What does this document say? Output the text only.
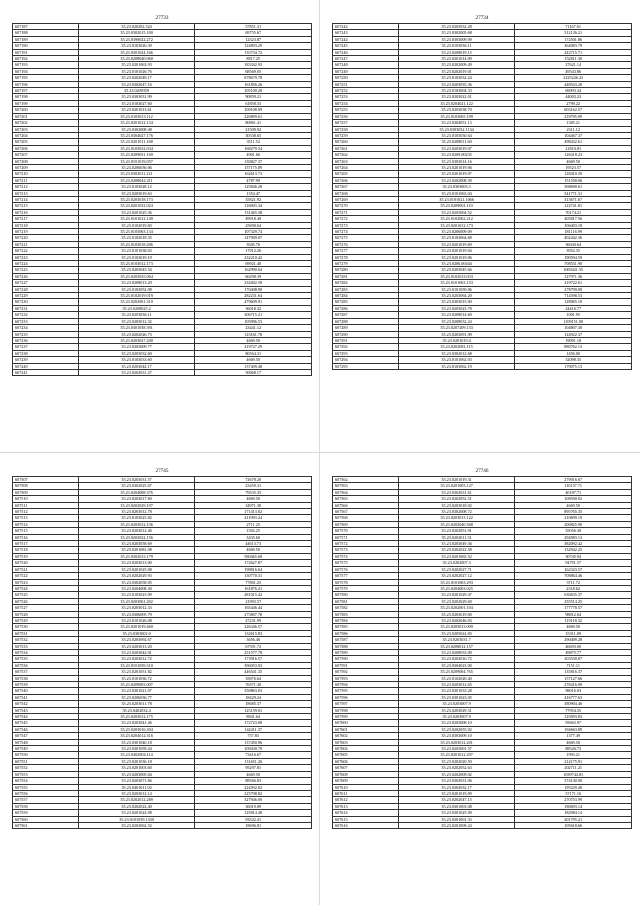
27733
607187	35.23.020202.324	57851.31
607188	35.23.0302015.100	69755.67
607189	35.23.0390022.272	12323.87
607190	35.23.0103026.39	124893.29
607191	35.23.0301024.166	135734.72
607192	35.23.0208040.060	8817.25
607193	35.23.0201063.93	183342.93
607194	35.23.0101026.76	68569.05
607195	35.23.0202049.17	678679.78
607196	35.23.0302047.16	161856.26
607197	35.23.0209359	105100.28
607198	35.23.0303031.99	90859.21
607199	35.23.0103027.60	61858.33
607200	35.23.0201013.61	109108.09
607201	35.23.0103013.112	226899.61
607202	35.23.0201012.134	80861.41
607203	35.23.0302008.48	21509.92
607204	35.23.0304027.176	30538.65
607205	35.23.0201011.168	3511.52
607206	35.23.0103032.034	168279.54
607207	35.23.0209031.160	4901.66
607208	35.23.0101019.057	130827.37
607209	35.23.0206036.06	157175.09
607210	35.23.0302011.221	162613.73
607211	35.23.0208042.211	4787.99
607212	35.23.0103028.12	125846.28
607213	35.23.0203019.63	1354.47
607214	35.23.0203018.173	35821.92
607215	35.23.0201032.024	116803.34
607216	35.23.0201025.36	131465.38
607217	35.23.0101012.149	49918.49
607218	35.23.0102019.83	25690.64
607219	35.23.0103063.134	107329.74
607220	35.23.0102018.35	147909.07
607221	35.23.0103018.206	3045.76
607222	35.23.0101038.03	17912.26
607223	35.23.0103019.19	232210.42
607224	35.23.0103012.173	69921.40
607225	35.23.0203043.54	162990.64
607226	35.23.0203035.064	66298.39
607227	35.23.0208013.29	234402.58
607228	35.23.0103052.08	170408.90
607229	35.23.0102019.019	282231.64
607230	35.23.0202061.310	479609.91
607231	35.23.0208025.2	36018.32
607232	35.23.0203036.11	306715.21
607233	35.23.0203012.32	105996.53
607234	35.23.0301038.391	23441.12
607235	35.23.0202026.73	123161.78
607236	35.23.0203027.200	4669.50
607237	35.23.0303009.77	219727.29
607238	35.23.0203032.60	80564.31
607239	35.23.0103033.60	4669.50
607240	35.23.0203044.17	137409.48
607241	35.23.0202031.27	50668.17
27734
607242	35.23.0205032.28	71167.61
607243	35.23.0302005.68	512126.21
607244	35.23.0303009.09	172501.86
607245	35.23.0103036.11	364083.79
607246	35.23.0208019.15	242715.71
607247	35.23.0201014.09	152811.30
607248	35.23.0202009.49	27621.14
607249	35.23.0202019.01	49543.86
607250	35.23.0103032.24	2225226.22
607251	35.23.0203035.36	448543.20
607252	35.23.0103004.33	69093.34
607253	35.23.0203022.01	44003.23
607254	35.23.0204021.122	2799.22
607255	35.23.0203038.70	603162.57
607256	35.23.0103065.199	218795.09
607257	35.23.0304051.13	1385.21
607258	35.23.0303032.1134	2311.12
607259	35.23.0105030.64	104467.37
607260	35.23.0208011.60	498432.61
607261	35.23.0203019.07	21810.81
607262	35.23.0209.00235	126418.23
607263	35.23.0303014.16	4669.50
607264	35.23.0201019.06	19523.57
607265	35.23.0201019.07	128410.39
607266	35.23.0202008.39	151558.06
607267	35.23.0303003.3	368690.61
607268	35.23.0101063.04	541771.31
607269	35.23.0101021.1066	313671.67
607270	35.23.0209001.110	122741.81
607271	35.23.0203004.52	70174.21
607272	35.23.0102062.212	405817.56
607273	35.23.0201012.173	106403.18
607274	35.23.0206009.09	181116.99
607275	35.23.0103064.68	402442.36
607276	35.23.0201019.69	36040.64
607277	35.23.0201019.04	3952.35
607278	35.23.0201019.06	190594.59
607279	35.23.0206.00444	708531.90
607280	35.23.0203045.66	1069421.55
607281	35.23.0102013.033	127971.36
607282	35.23.0101063.153	219722.61
607283	35.23.0101059.06	278799.09
607284	35.23.0203064.20	714598.53
607285	35.23.0303015.00	128065.10
607286	35.23.0203023.78	24416.77
607287	35.23.0208014.60	1001.95
607288	35.23.0208032.24	1109151.00
607289	35.23.0207209.133	104807.30
607290	35.23.0203091.09	124922.37
607291	35.23.0201019.4	19091.18
607292	35.23.0202081.115	880762.13
607293	35.23.0302012.68	1456.00
607294	35.23.0101062.03	32098.35
607295	35.23.0103062.19	179075.13
27745
607507	35.23.0203031.57	72678.20
607508	35.23.0302025.67	23459.31
607509	35.23.0204008.376	79535.35
607510	35.23.0203017.69	4669.50
607511	35.23.0202029.197	34971.30
607512	35.23.0203012.78	171413.02
607513	35.23.0103025.82	411993.24
607514	35.23.0203012.136	2711.25
607515	35.23.0203012.46	1502.25
607516	35.23.0203022.156	3435.60
607517	35.23.0203058.69	44613.73
607518	35.23.0201081.08	4669.50
607519	35.23.0302013.179	580465.68
607520	35.23.0203013.00	172627.87
607521	35.23.0201025.08	198816.64
607522	35.23.0202029.93	130770.31
607523	35.23.0302058.05	77801.25
607524	35.23.0204008.30	161876.21
607525	35.23.0103023.09	281015.42
607526	35.23.0203061.202	21993.57
607527	35.23.0203012.33	165446.44
607528	35.23.0306005.79	275807.78
607529	35.23.0101026.08	27231.99
607530	35.23.0201019.460	226346.57
607531	35.23.0303002.0	132615.83
607532	35.23.0203092.67	3656.46
607533	35.23.0203013.20	67591.72
607534	35.23.0203042.01	251577.78
607535	35.23.0203012.72	173916.57
607536	35.23.0101039.310	396053.03
607537	35.23.0201051.82	446541.35
607538	35.23.0101036.72	35876.64
607539	35.23.0209003.007	76371.30
607540	35.23.0301021.07	350863.03
607541	35.23.0206036.77	18429.24
607542	35.23.0203011.78	18685.37
607543	35.23.0402032.4	125159.01
607544	35.23.0203012.175	8841.64
607545	35.23.0203041.46	172723.08
607546	35.23.0203016.304	142411.37
607547	35.23.0204012.316	757.83
607548	35.23.0301040.18	137450.96
607549	35.23.0301059.24	109430.79
607550	35.23.0402004.114	73416.67
607551	35.23.0201036.18	131651.26
607552	35.23.0201003.60	95297.81
607553	35.23.0203005.04	4669.50
607554	35.23.0203071.66	88566.83
607555	35.23.0401011.02	224592.02
607556	35.23.0203012.14	225798.82
607557	35.23.0202012.289	327946.00
607558	35.23.0202022.40	36019.89
607559	35.23.0201022.08	125814.48
607560	35.23.0101039.1330	93522.41
607561	35.23.0203062.52	18696.81
27746
607562	35.23.0201019.31	279016.67
607563	35.23.0201003.127	110157.71
607564	35.23.0302031.61	40187.71
607565	35.23.0202052.51	108500.02
607566	35.23.0203018.02	4669.50
607567	35.23.0302008.72	895765.35
607568	35.23.0203013.122	210699.19
607569	35.23.0202040.568	200825.90
607570	35.23.0202051.91	35056.38
607571	35.23.0202011.31	294983.13
607572	35.23.0203049.36	382092.42
607573	35.23.0202022.58	132942.25
607574	35.23.0201065.52	30745.94
607575	35.23.0202007.3	94791.57
607576	35.23.0202027.71	162323.57
607577	35.23.0202027.12	708864.46
607578	35.23.0101063.293	3711.72
607579	35.23.0204003.025	2318.62
607580	35.23.0201029.47	630635.37
607581	35.23.0202029.60	255514.25
607582	35.23.0202001.104	177778.57
607583	35.23.0203019.00	98812.04
607584	35.23.0202046.03	119118.32
607585	35.23.0205013.009	4669.50
607586	35.23.0205024.83	35311.09
607587	35.23.0203031.7	290409.28
607588	35.23.0208012.157	46693.00
607589	35.23.0208033.09	49875.77
607590	35.23.0202016.72	203530.07
607591	35.23.0304023.00	7151.11
607592	35.23.0209004.765	135816.37
607593	35.23.0102020.40	157127.66
607594	35.23.0203012.65	278416.09
607595	35.23.0301033.28	98016.03
607596	35.23.0301023.05	416777.63
607597	35.23.0203007.9	380904.46
607598	35.23.0203029.31	77954.35
607599	35.23.0203007.9	125093.83
607600	35.23.0203008.10	95663.97
607601	35.23.0202055.02	194663.89
607602	35.23.0303009.10	1377.49
607603	35.23.0203012.201	4669.50
607604	35.23.0203001.57	88526.73
607605	35.23.0201012.207	1993.21
607606	35.23.0202020.50	212175.91
607607	35.23.0202052.63	202711.21
607608	35.23.0202009.02	1039744.81
607609	35.23.0302031.06	374140.00
607610	35.23.0202032.17	195229.40
607611	35.23.0201019.09	57171.16
607612	35.23.0202047.15	270753.99
607613	35.23.0301003.08	180693.14
607614	35.23.0301025.09	182984.14
607615	35.23.0201001.33	201795.21
607616	35.23.0201009.24	105618.66
